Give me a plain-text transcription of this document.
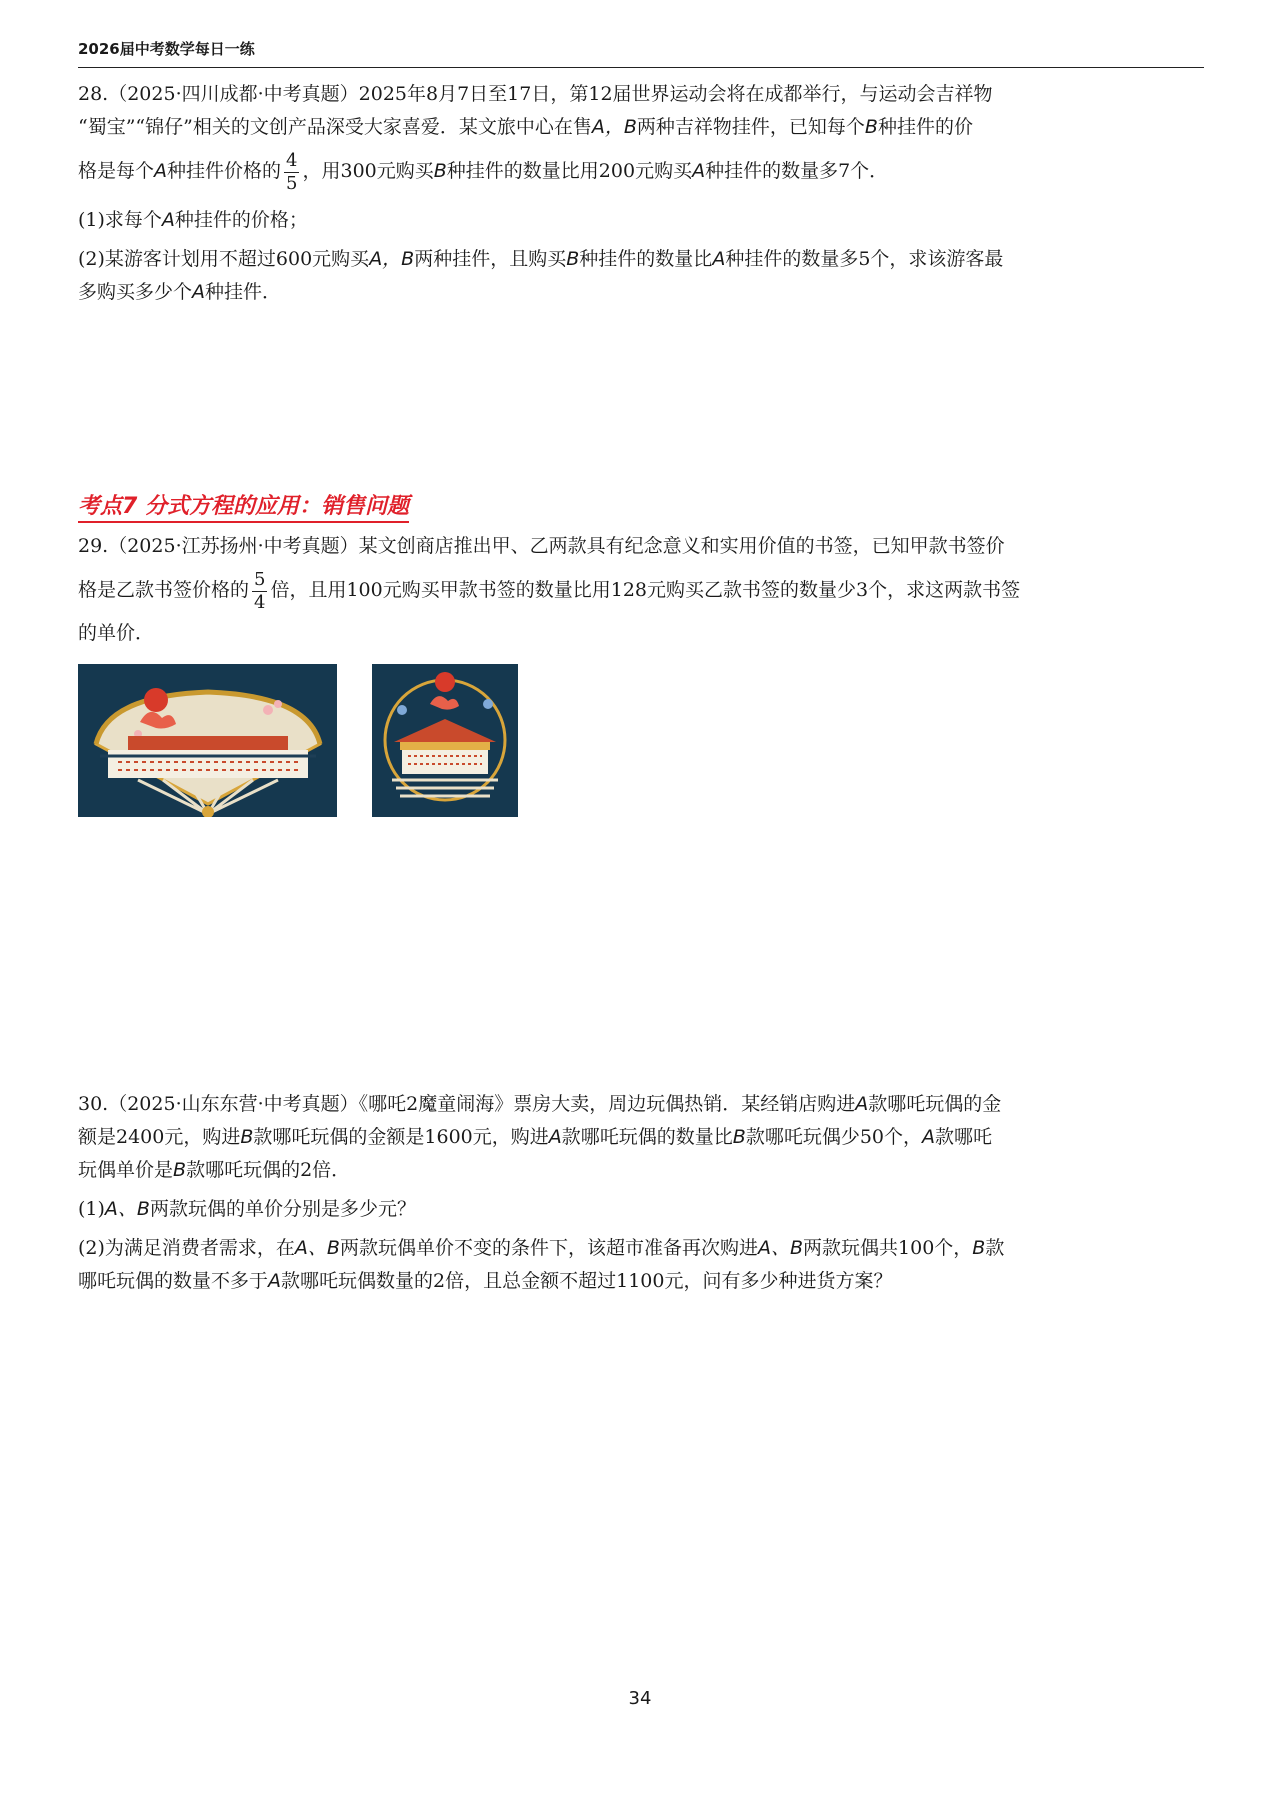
2026届中考数学每日一练
28.（2025·四川成都·中考真题）2025年8月7日至17日，第12届世界运动会将在成都举行，与运动会吉祥物
“蜀宝”“锦仔”相关的文创产品深受大家喜爱．某文旅中心在售A，B两种吉祥物挂件，已知每个B种挂件的价
格是每个A种挂件价格的 $\frac{4}{5}$ ，用300元购买B种挂件的数量比用200元购买A种挂件的数量多7个．
(1)求每个A种挂件的价格；
(2)某游客计划用不超过600元购买A，B两种挂件，且购买B种挂件的数量比A种挂件的数量多5个，求该游客最
多购买多少个A种挂件．
考点7 分式方程的应用：销售问题
29.（2025·江苏扬州·中考真题）某文创商店推出甲、乙两款具有纪念意义和实用价值的书签，已知甲款书签价
格是乙款书签价格的 $\frac{5}{4}$ 倍，且用100元购买甲款书签的数量比用128元购买乙款书签的数量少3个，求这两款书签
的单价．
30.（2025·山东东营·中考真题）《哪吒2魔童闹海》票房大卖，周边玩偶热销．某经销店购进A款哪吒玩偶的金
额是2400元，购进B款哪吒玩偶的金额是1600元，购进A款哪吒玩偶的数量比B款哪吒玩偶少50个，A款哪吒
玩偶单价是B款哪吒玩偶的2倍．
(1)A、B两款玩偶的单价分别是多少元？
(2)为满足消费者需求，在A、B两款玩偶单价不变的条件下，该超市准备再次购进A、B两款玩偶共100个，B款
哪吒玩偶的数量不多于A款哪吒玩偶数量的2倍，且总金额不超过1100元，问有多少种进货方案？
34
